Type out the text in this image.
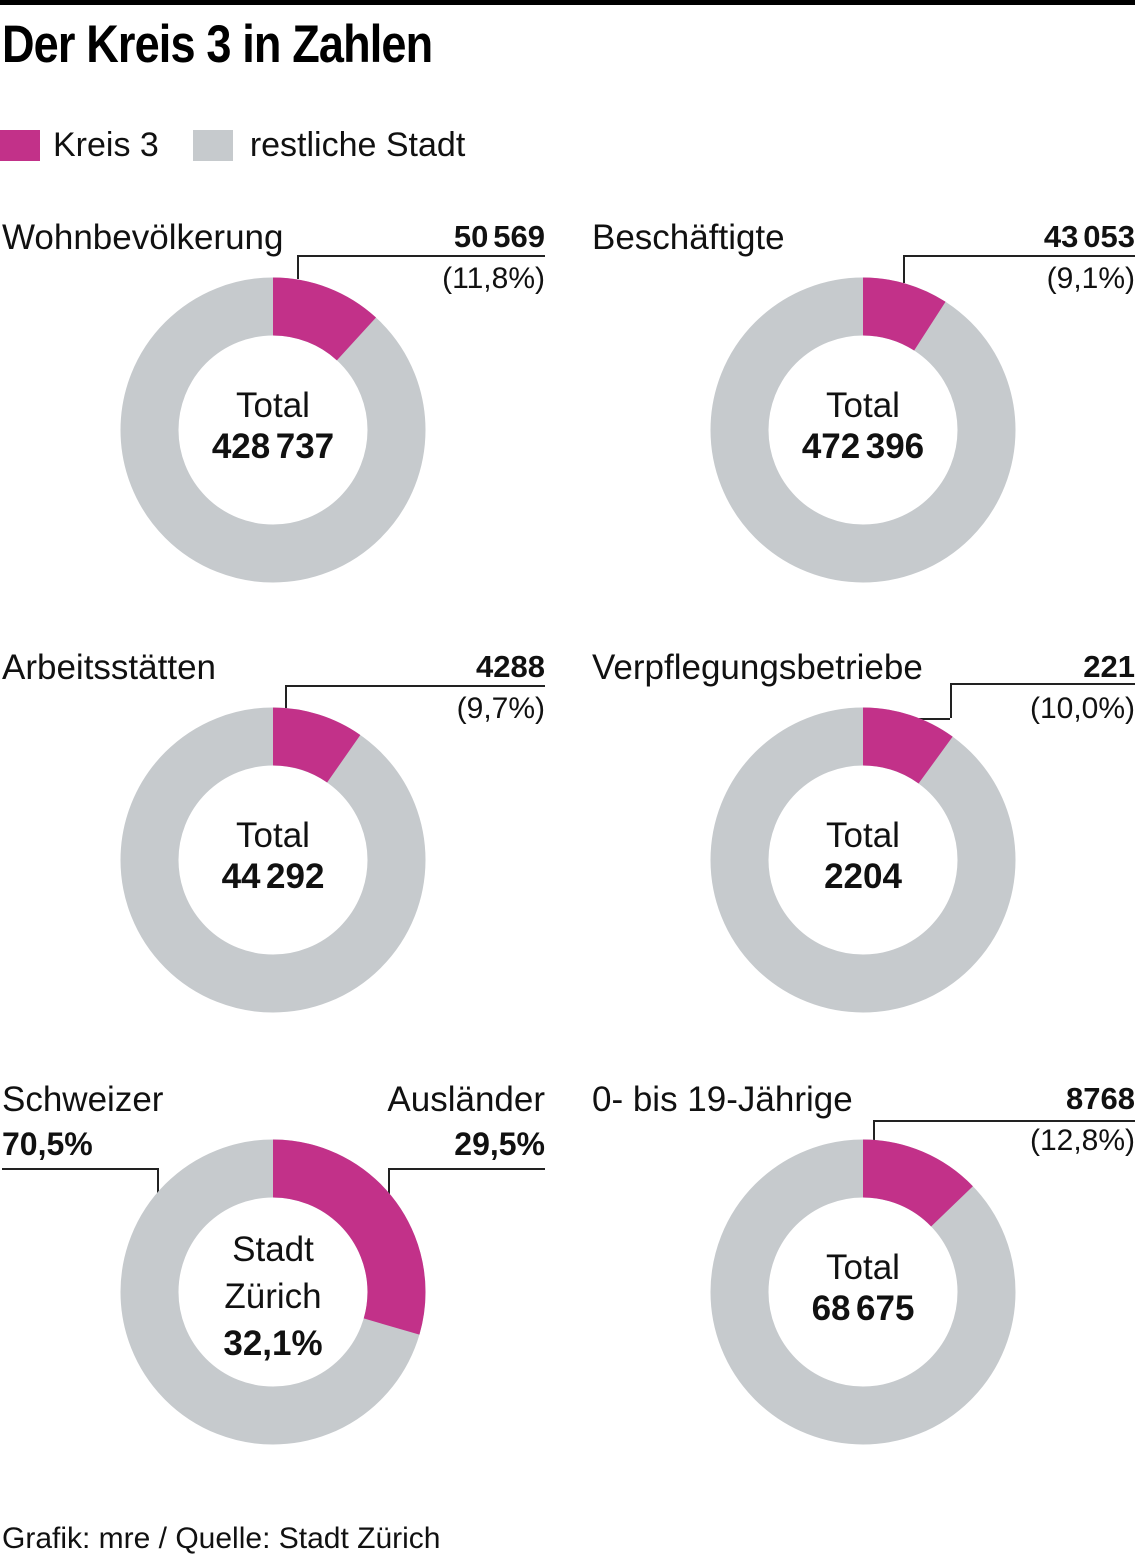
Der Kreis 3 in Zahlen
Kreis 3	restliche Stadt
Wohnbevölkerung	50 569
(11,8%)
Total
428 737
Beschäftigte	43 053
(9,1%)
Total
472 396
Arbeitsstätten	4288
(9,7%)
Total
44 292
Verpflegungsbetriebe	221
(10,0%)
Total
2204
Schweizer
70,5%
Ausländer
29,5%
Stadt
Zürich
32,1%
0- bis 19-Jährige	8768
(12,8%)
Total
68 675
Grafik: mre / Quelle: Stadt Zürich
